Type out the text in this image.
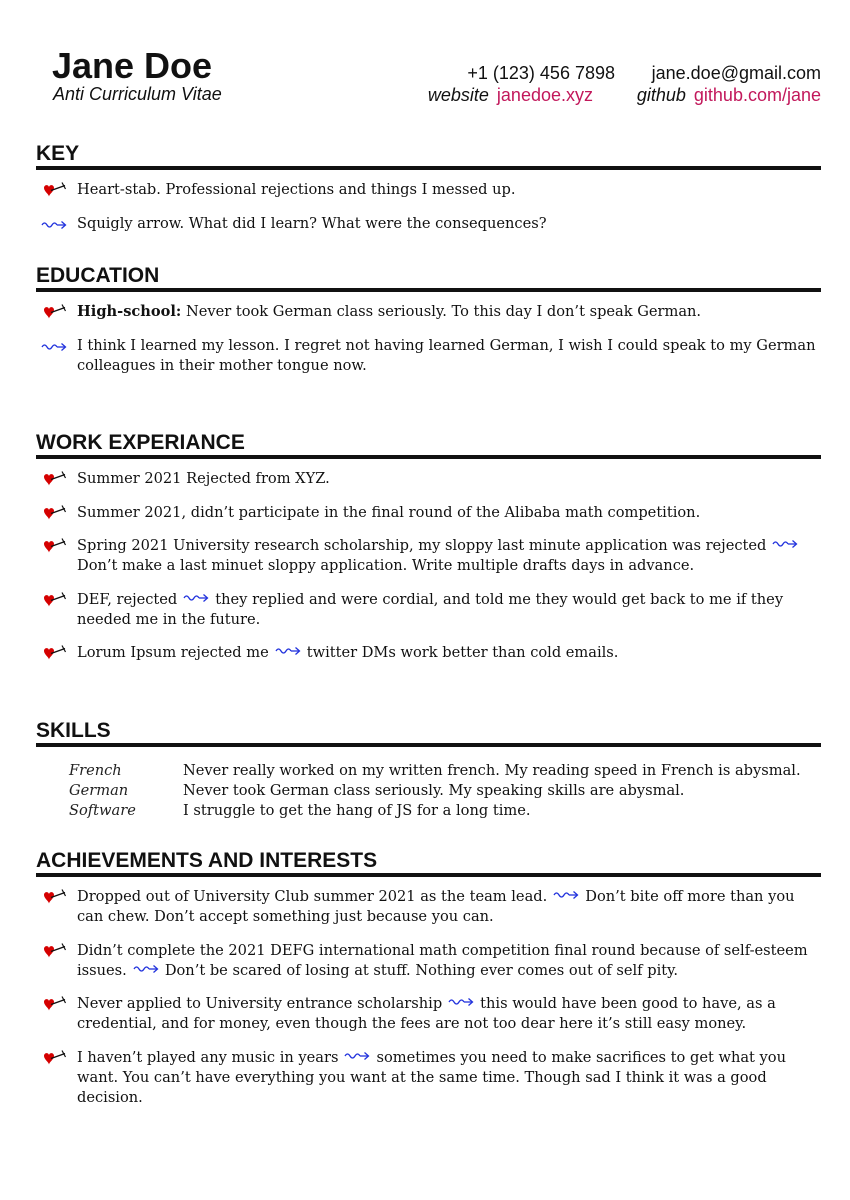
Jane Doe
Anti Curriculum Vitae
+1 (123) 456 7898 jane.doe@gmail.com
website janedoe.xyz github github.com/jane
KEY
Heart-stab. Professional rejections and things I messed up.
Squigly arrow. What did I learn? What were the consequences?
EDUCATION
High-school: Never took German class seriously. To this day I don’t speak German.
I think I learned my lesson. I regret not having learned German, I wish I could speak to my German colleagues in their mother tongue now.
WORK EXPERIANCE
Summer 2021 Rejected from XYZ.
Summer 2021, didn’t participate in the final round of the Alibaba math competition.
Spring 2021 University research scholarship, my sloppy last minute application was rejectedDon’t make a last minuet sloppy application. Write multiple drafts days in advance.
DEF, rejected	they replied and were cordial, and told me they would get back to me if they needed me in the future.
Lorum Ipsum rejected me	twitter DMs work better than cold emails.
SKILLS
French	Never really worked on my written french. My reading speed in French is abysmal.
German	Never took German class seriously. My speaking skills are abysmal.
Software	I struggle to get the hang of JS for a long time.
ACHIEVEMENTS AND INTERESTS
Dropped out of University Club summer 2021 as the team lead.	Don’t bite off more than you can chew. Don’t accept something just because you can.
Didn’t complete the 2021 DEFG international math competition final round because of self-esteem issues.	Don’t be scared of losing at stuff. Nothing ever comes out of self pity.
Never applied to University entrance scholarship	this would have been good to have, as a credential, and for money, even though the fees are not too dear here it’s still easy money.
I haven’t played any music in years	sometimes you need to make sacrifices to get what you want. You can’t have everything you want at the same time. Though sad I think it was a good decision.
